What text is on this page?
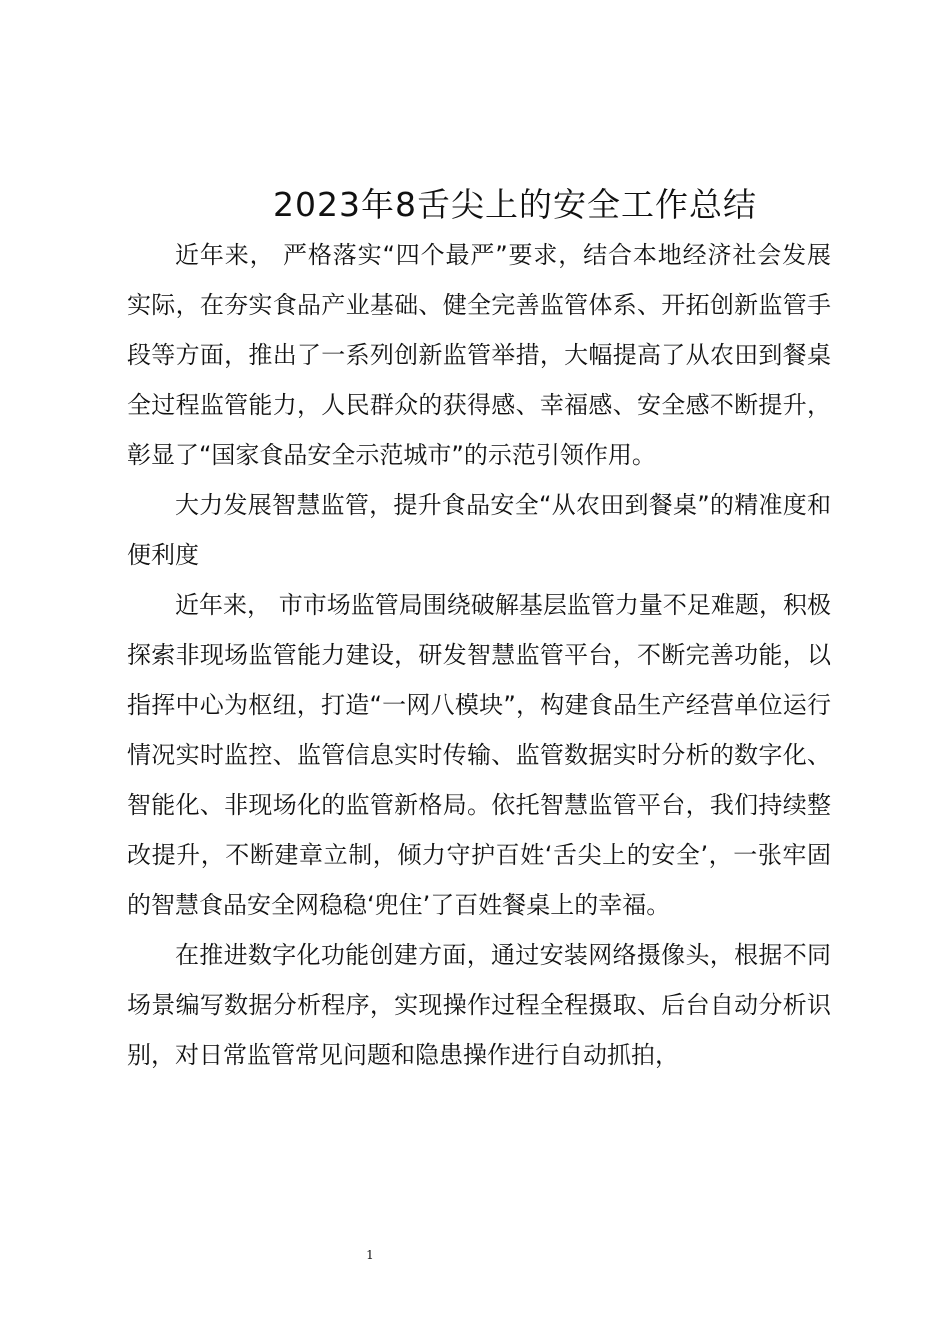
2023年8舌尖上的安全工作总结

近年来， 严格落实“四个最严”要求，结合本地经济社会发展实际，在夯实食品产业基础、健全完善监管体系、开拓创新监管手段等方面，推出了一系列创新监管举措，大幅提高了从农田到餐桌全过程监管能力，人民群众的获得感、幸福感、安全感不断提升，彰显了“国家食品安全示范城市”的示范引领作用。

大力发展智慧监管，提升食品安全“从农田到餐桌”的精准度和便利度

近年来， 市市场监管局围绕破解基层监管力量不足难题，积极探索非现场监管能力建设，研发智慧监管平台，不断完善功能，以指挥中心为枢纽，打造“一网八模块”，构建食品生产经营单位运行情况实时监控、监管信息实时传输、监管数据实时分析的数字化、智能化、非现场化的监管新格局。依托智慧监管平台，我们持续整改提升，不断建章立制，倾力守护百姓‘舌尖上的安全’，一张牢固的智慧食品安全网稳稳‘兜住’了百姓餐桌上的幸福。

在推进数字化功能创建方面，通过安装网络摄像头，根据不同场景编写数据分析程序，实现操作过程全程摄取、后台自动分析识别，对日常监管常见问题和隐患操作进行自动抓拍，

1
